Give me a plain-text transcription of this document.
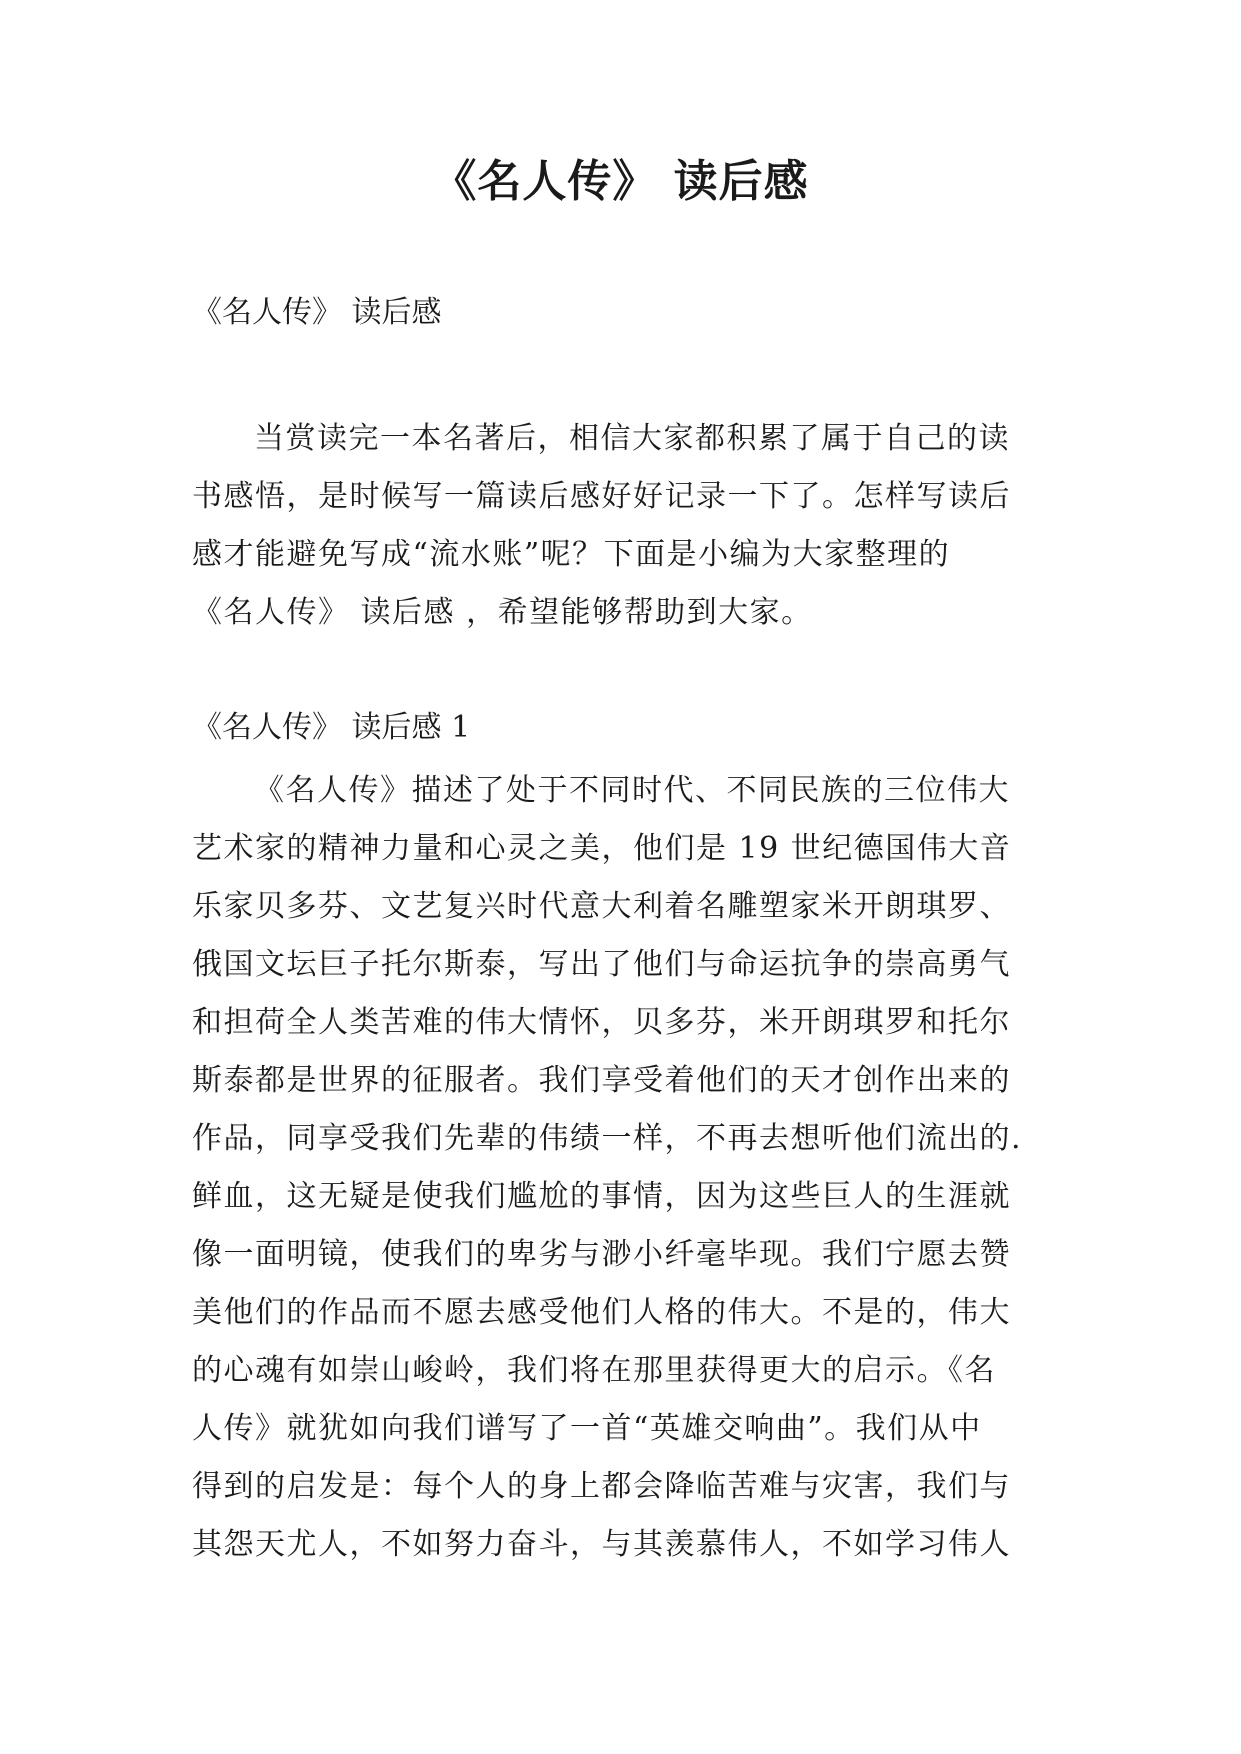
《名人传》 读后感
《名人传》 读后感
当赏读完一本名著后，相信大家都积累了属于自己的读
书感悟，是时候写一篇读后感好好记录一下了。怎样写读后
感才能避免写成“流水账”呢？下面是小编为大家整理的
《名人传》 读后感 ，希望能够帮助到大家。
《名人传》 读后感 1
《名人传》描述了处于不同时代、不同民族的三位伟大
艺术家的精神力量和心灵之美，他们是 19 世纪德国伟大音
乐家贝多芬、文艺复兴时代意大利着名雕塑家米开朗琪罗、
俄国文坛巨子托尔斯泰，写出了他们与命运抗争的崇高勇气
和担荷全人类苦难的伟大情怀，贝多芬，米开朗琪罗和托尔
斯泰都是世界的征服者。我们享受着他们的天才创作出来的
作品，同享受我们先辈的伟绩一样，不再去想听他们流出的.
鲜血，这无疑是使我们尴尬的事情，因为这些巨人的生涯就
像一面明镜，使我们的卑劣与渺小纤毫毕现。我们宁愿去赞
美他们的作品而不愿去感受他们人格的伟大。不是的，伟大
的心魂有如崇山峻岭，我们将在那里获得更大的启示。《名
人传》就犹如向我们谱写了一首“英雄交响曲”。我们从中
得到的启发是：每个人的身上都会降临苦难与灾害，我们与
其怨天尤人，不如努力奋斗，与其羡慕伟人，不如学习伟人
